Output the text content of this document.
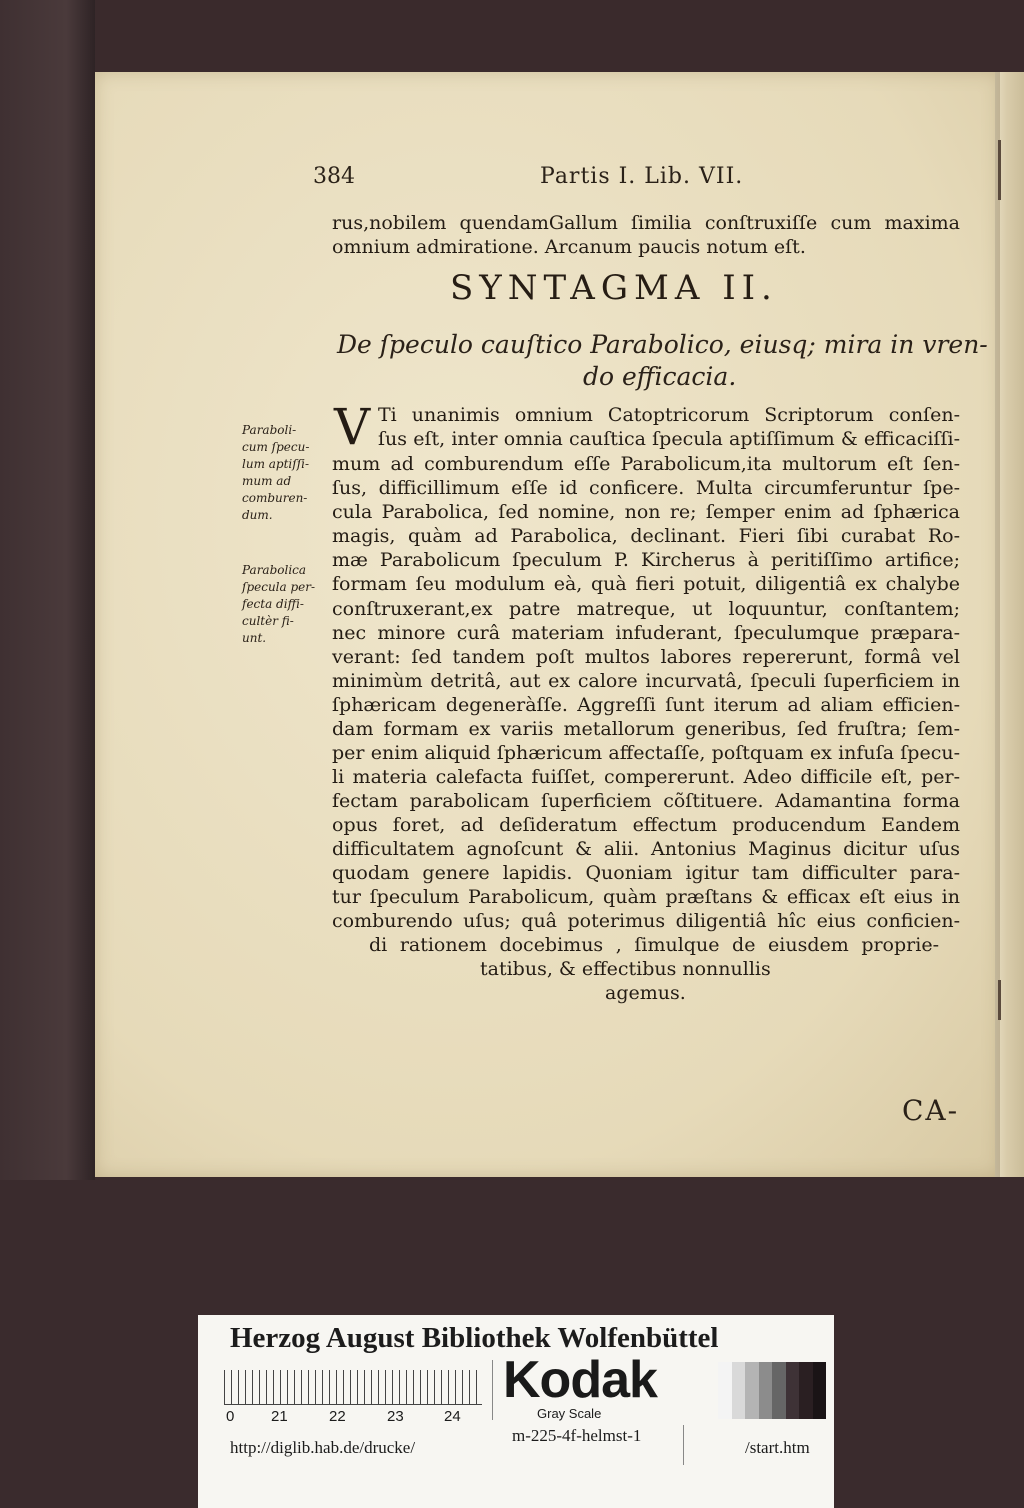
384	Partis I. Lib. VII.
rus,nobilem quendamGallum ſimilia conſtruxiſſe cum maxima
omnium admiratione. Arcanum paucis notum eſt.
SYNTAGMA II.
De ſpeculo cauſtico Parabolico, eiusq; mira in vren-
do efficacia.
V Ti unanimis omnium Catoptricorum Scriptorum conſen-
ſus eſt, inter omnia cauſtica ſpecula aptiſſimum & efficaciſſi-
mum ad comburendum eſſe Parabolicum,ita multorum eſt ſen-
ſus, difficillimum eſſe id conficere. Multa circumferuntur ſpe-
cula Parabolica, ſed nomine, non re; ſemper enim ad ſphærica
magis, quàm ad Parabolica, declinant. Fieri ſibi curabat Ro-
mæ Parabolicum ſpeculum P. Kircherus à peritiſſimo artifice;
formam ſeu modulum eà, quà fieri potuit, diligentiâ ex chalybe
conſtruxerant,ex patre matreque, ut loquuntur, conſtantem;
nec minore curâ materiam infuderant, ſpeculumque præpara-
verant: ſed tandem poſt multos labores repererunt, formâ vel
minimùm detritâ, aut ex calore incurvatâ, ſpeculi ſuperficiem in
ſphæricam degeneràſſe. Aggreſſi ſunt iterum ad aliam efficien-
dam formam ex variis metallorum generibus, ſed fruſtra; ſem-
per enim aliquid ſphæricum affectaſſe, poſtquam ex infuſa ſpecu-
li materia calefacta fuiſſet, compererunt. Adeo difficile eſt, per-
fectam parabolicam ſuperficiem cõſtituere. Adamantina forma
opus foret, ad deſideratum effectum producendum Eandem
difficultatem agnoſcunt & alii. Antonius Maginus dicitur uſus
quodam genere lapidis. Quoniam igitur tam difficulter para-
tur ſpeculum Parabolicum, quàm præſtans & efficax eſt eius in
comburendo uſus; quâ poterimus diligentiâ hîc eius conficien-
di rationem docebimus , ſimulque de eiusdem proprie-
tatibus, & effectibus nonnullis
agemus.
Paraboli-
cum ſpecu-
lum aptiſſi-
mum ad
comburen-
dum.
Parabolica
ſpecula per-
fecta diffi-
cultèr fi-
unt.
CA-
Herzog August Bibliothek Wolfenbüttel
0 21	22	23	24
Kodak
Gray Scale
http://diglib.hab.de/drucke/
m-225-4f-helmst-1
/start.htm
